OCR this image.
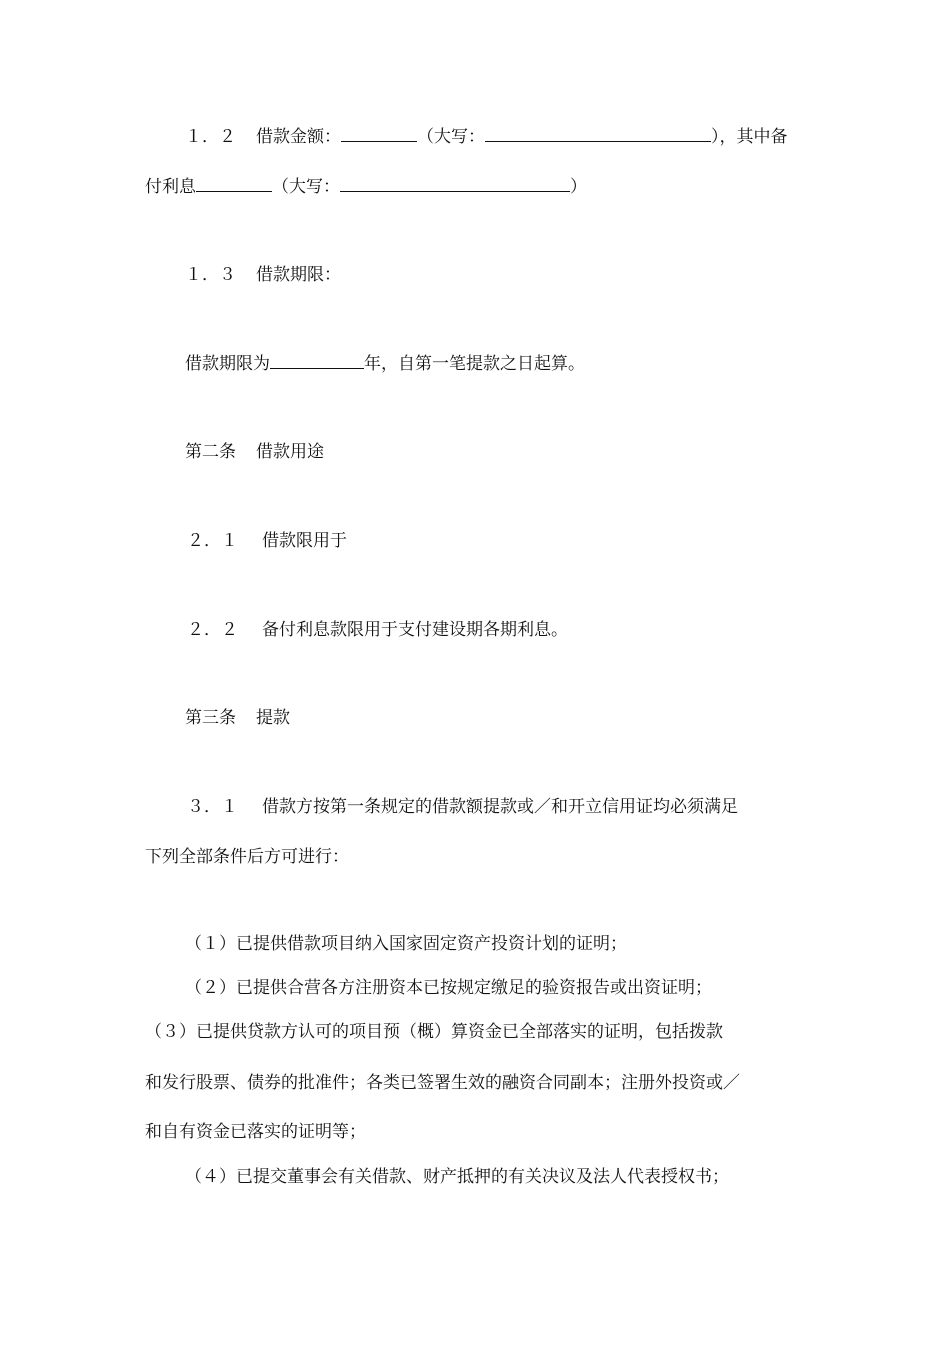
１．２ 借款金额：	（大写：	），其中备
付利息	（大写：	）
１．３ 借款期限：
借款期限为	年，自第一笔提款之日起算。
第二条 借款用途
２．１ 借款限用于
２．２ 备付利息款限用于支付建设期各期利息。
第三条 提款
３．１ 借款方按第一条规定的借款额提款或／和开立信用证均必须满足
下列全部条件后方可进行：
（１）已提供借款项目纳入国家固定资产投资计划的证明；
（２）已提供合营各方注册资本已按规定缴足的验资报告或出资证明；
（３）已提供贷款方认可的项目预（概）算资金已全部落实的证明，包括拨款
和发行股票、债券的批准件；各类已签署生效的融资合同副本；注册外投资或／
和自有资金已落实的证明等；
（４）已提交董事会有关借款、财产抵押的有关决议及法人代表授权书；
